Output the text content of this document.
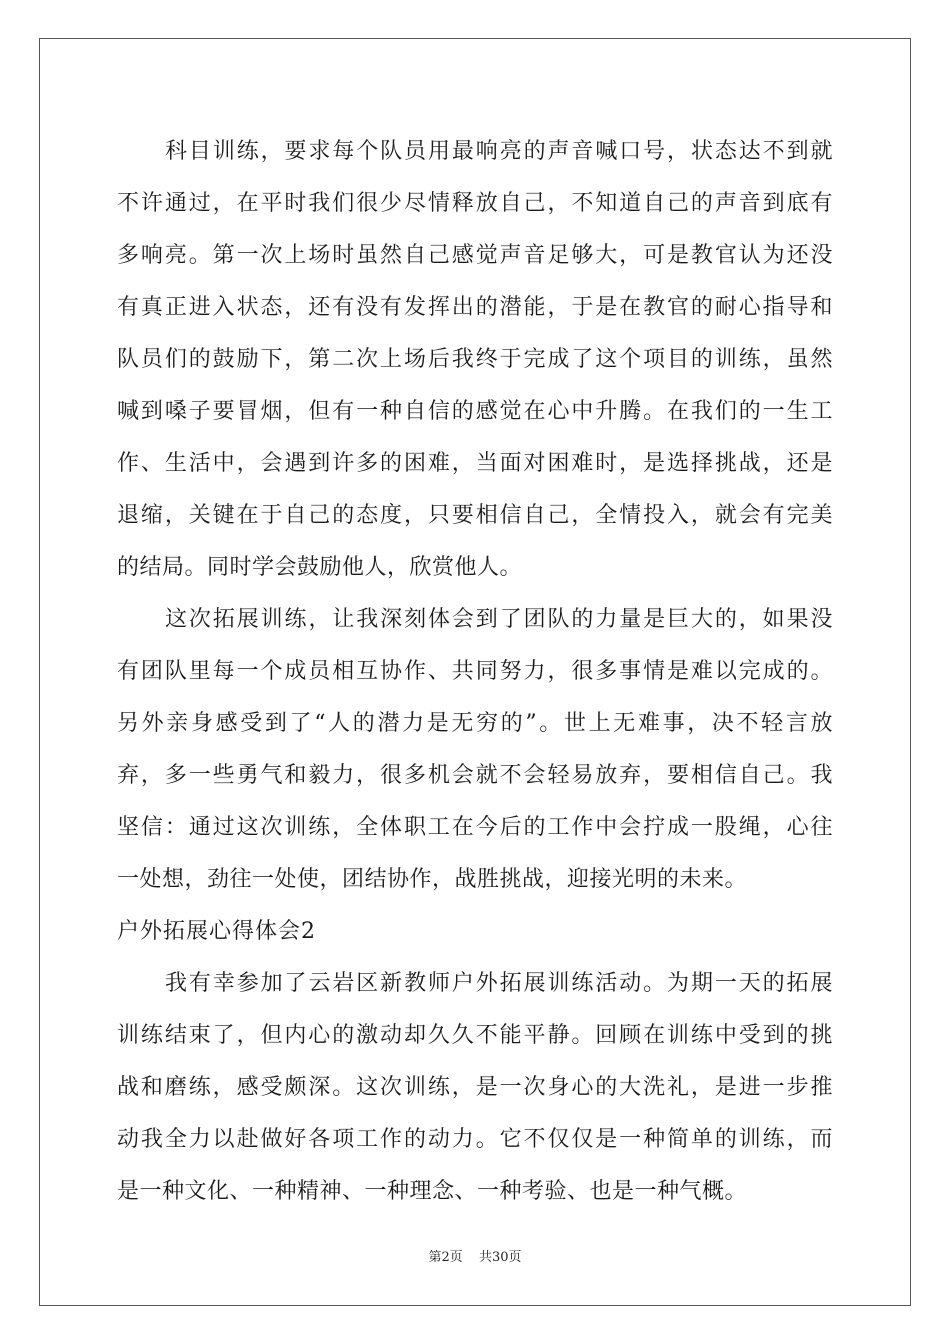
科目训练，要求每个队员用最响亮的声音喊口号，状态达不到就
不许通过，在平时我们很少尽情释放自己，不知道自己的声音到底有
多响亮。第一次上场时虽然自己感觉声音足够大，可是教官认为还没
有真正进入状态，还有没有发挥出的潜能，于是在教官的耐心指导和
队员们的鼓励下，第二次上场后我终于完成了这个项目的训练，虽然
喊到嗓子要冒烟，但有一种自信的感觉在心中升腾。在我们的一生工
作、生活中，会遇到许多的困难，当面对困难时，是选择挑战，还是
退缩，关键在于自己的态度，只要相信自己，全情投入，就会有完美
的结局。同时学会鼓励他人，欣赏他人。
这次拓展训练，让我深刻体会到了团队的力量是巨大的，如果没
有团队里每一个成员相互协作、共同努力，很多事情是难以完成的。
另外亲身感受到了“人的潜力是无穷的”。世上无难事，决不轻言放
弃，多一些勇气和毅力，很多机会就不会轻易放弃，要相信自己。我
坚信：通过这次训练，全体职工在今后的工作中会拧成一股绳，心往
一处想，劲往一处使，团结协作，战胜挑战，迎接光明的未来。
户外拓展心得体会2
我有幸参加了云岩区新教师户外拓展训练活动。为期一天的拓展
训练结束了，但内心的激动却久久不能平静。回顾在训练中受到的挑
战和磨练，感受颇深。这次训练，是一次身心的大洗礼，是进一步推
动我全力以赴做好各项工作的动力。它不仅仅是一种简单的训练，而
是一种文化、一种精神、一种理念、一种考验、也是一种气概。
第2页 共30页
